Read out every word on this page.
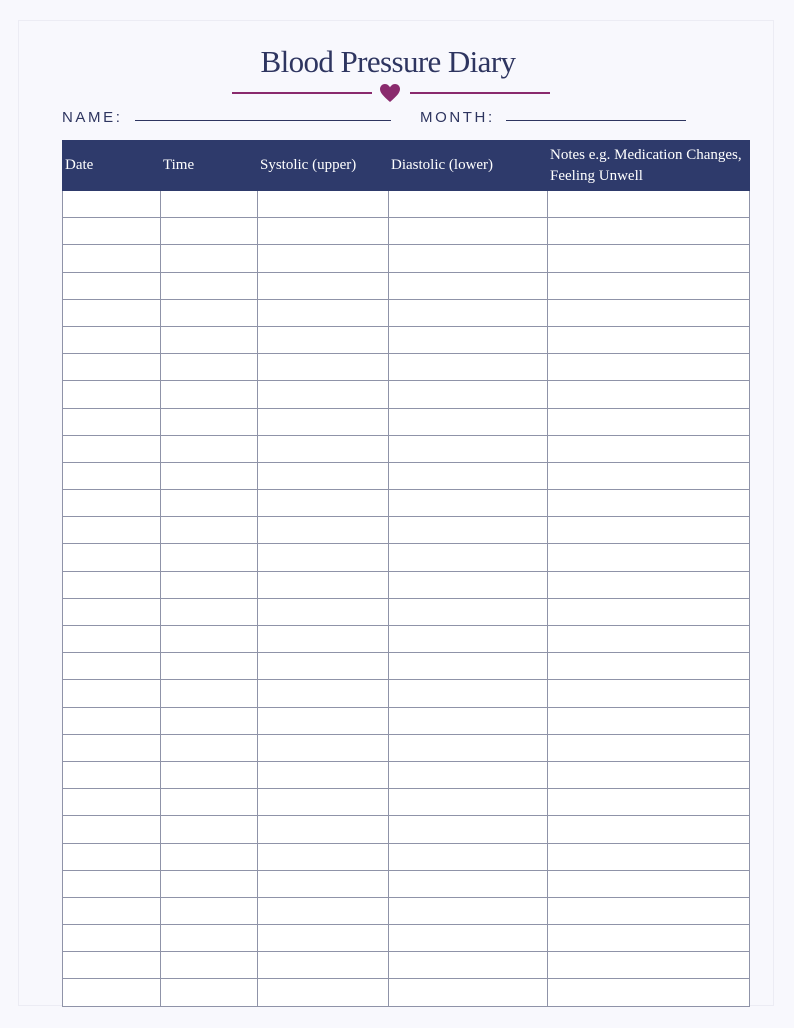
Blood Pressure Diary
NAME:	MONTH:
Date	Time	Systolic (upper)	Diastolic (lower)	Notes e.g. Medication Changes, Feeling Unwell
